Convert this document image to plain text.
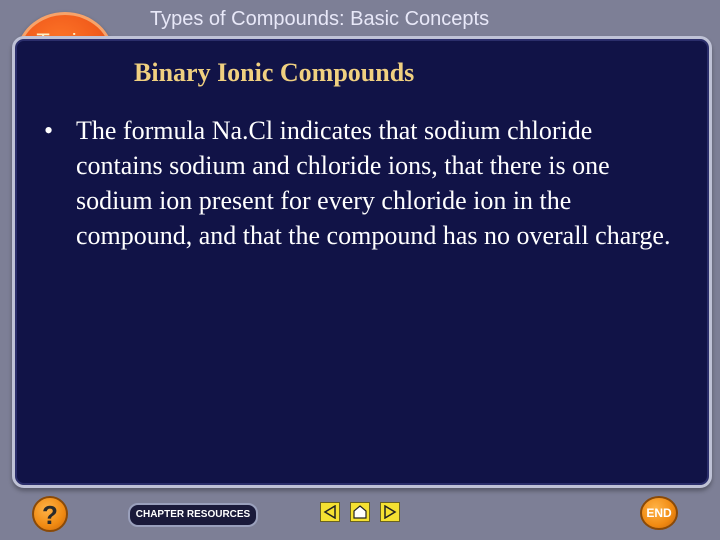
Types of Compounds: Basic Concepts
Binary Ionic Compounds
• The formula Na.Cl indicates that sodium chloride contains sodium and chloride ions, that there is one sodium ion present for every chloride ion in the compound, and that the compound has no overall charge.
?	CHAPTER RESOURCES	END
